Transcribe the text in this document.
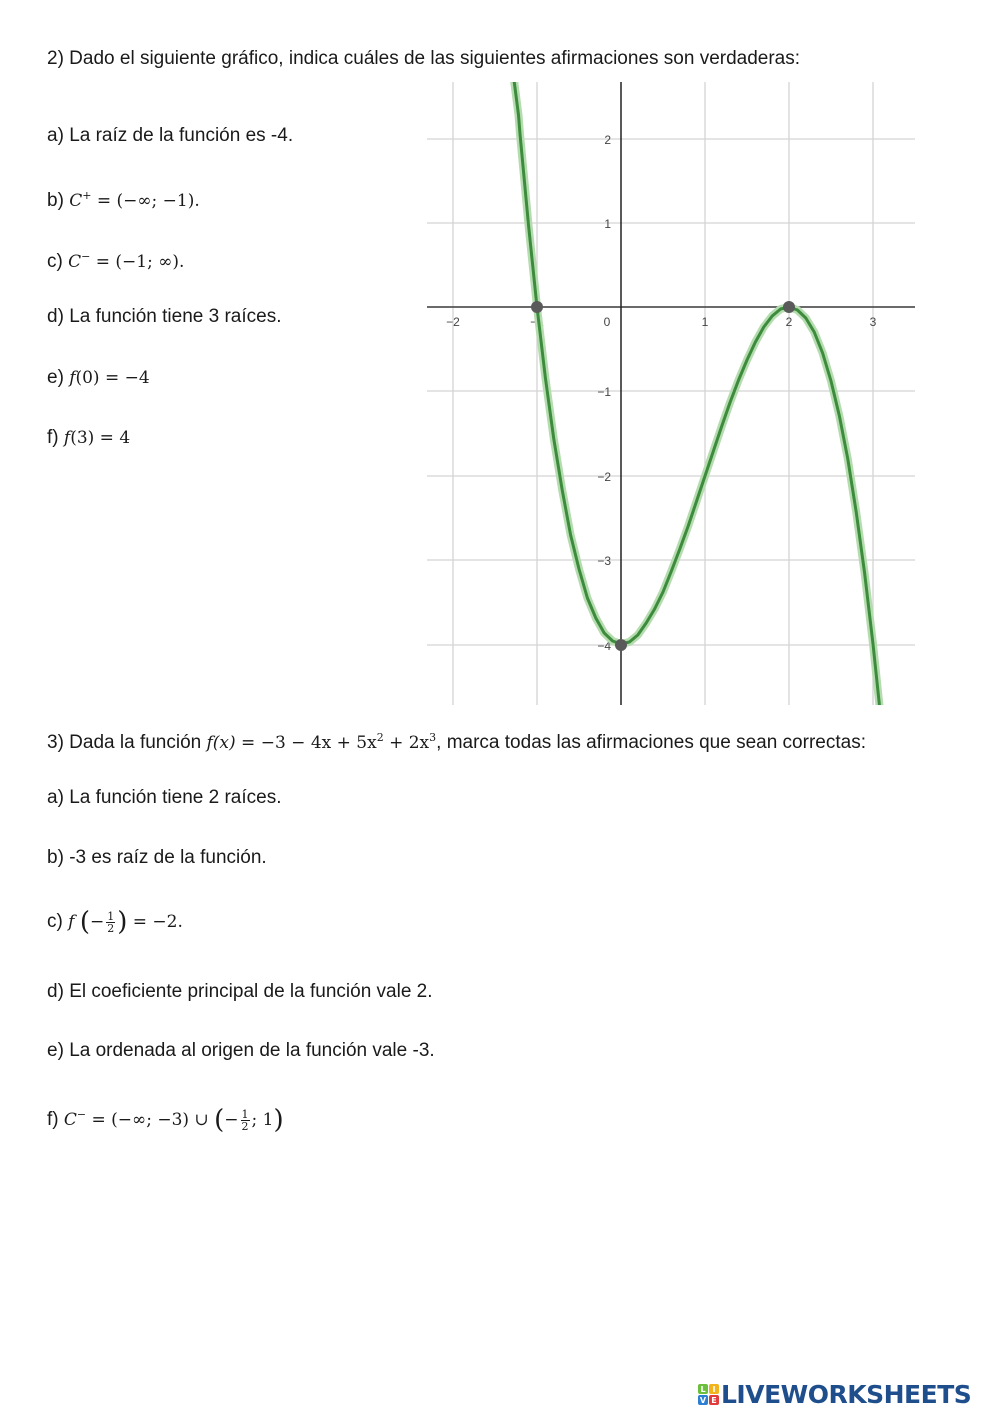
2) Dado el siguiente gráfico, indica cuáles de las siguientes afirmaciones son verdaderas:
a) La raíz de la función es -4.
b) C+ = (−∞; −1).
c) C− = (−1; ∞).
d) La función tiene 3 raíces.
e) f(0) = −4
f) f(3) = 4
−2	−1	0	1	2	3
2
1
−1
−2
−3
−4
3) Dada la función $f(x) = -3 - 4x + 5x^2 + 2x^3$, marca todas las afirmaciones que sean correctas:
a) La función tiene 2 raíces.
b) -3 es raíz de la función.
c) f (− $\frac{1}{2}$ ) = −2.
d) El coeficiente principal de la función vale 2.
e) La ordenada al origen de la función vale -3.
f) C− = (−∞; −3) ∪ (− $\frac{1}{2}$ ; 1)
L I
V E LIVEWORKSHEETS
